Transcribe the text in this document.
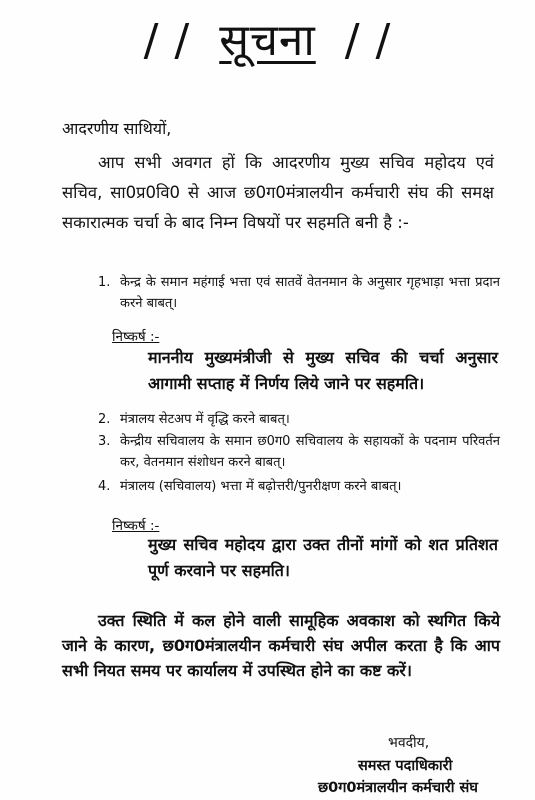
/ / सूचना / /
आदरणीय साथियों,

आप सभी अवगत हों कि आदरणीय मुख्य सचिव महोदय एवं सचिव, सा0प्र0वि0 से आज छ0ग0मंत्रालयीन कर्मचारी संघ की समक्ष सकारात्मक चर्चा के बाद निम्न विषयों पर सहमति बनी है :-

1. केन्द्र के समान महंगाई भत्ता एवं सातवें वेतनमान के अनुसार गृहभाड़ा भत्ता प्रदान करने बाबत्।

निष्कर्ष :-

माननीय मुख्यमंत्रीजी से मुख्य सचिव की चर्चा अनुसार आगामी सप्ताह में निर्णय लिये जाने पर सहमति।

2. मंत्रालय सेटअप में वृद्धि करने बाबत्।

3. केन्द्रीय सचिवालय के समान छ0ग0 सचिवालय के सहायकों के पदनाम परिवर्तन कर, वेतनमान संशोधन करने बाबत्।

4. मंत्रालय (सचिवालय) भत्ता में बढ़ोत्तरी/पुनरीक्षण करने बाबत्।

निष्कर्ष :-

मुख्य सचिव महोदय द्वारा उक्त तीनों मांगों को शत प्रतिशत पूर्ण करवाने पर सहमति।

उक्त स्थिति में कल होने वाली सामूहिक अवकाश को स्थगित किये जाने के कारण, छ0ग0मंत्रालयीन कर्मचारी संघ अपील करता है कि आप सभी नियत समय पर कार्यालय में उपस्थित होने का कष्ट करें।

भवदीय,
समस्त पदाधिकारी
छ0ग0मंत्रालयीन कर्मचारी संघ
